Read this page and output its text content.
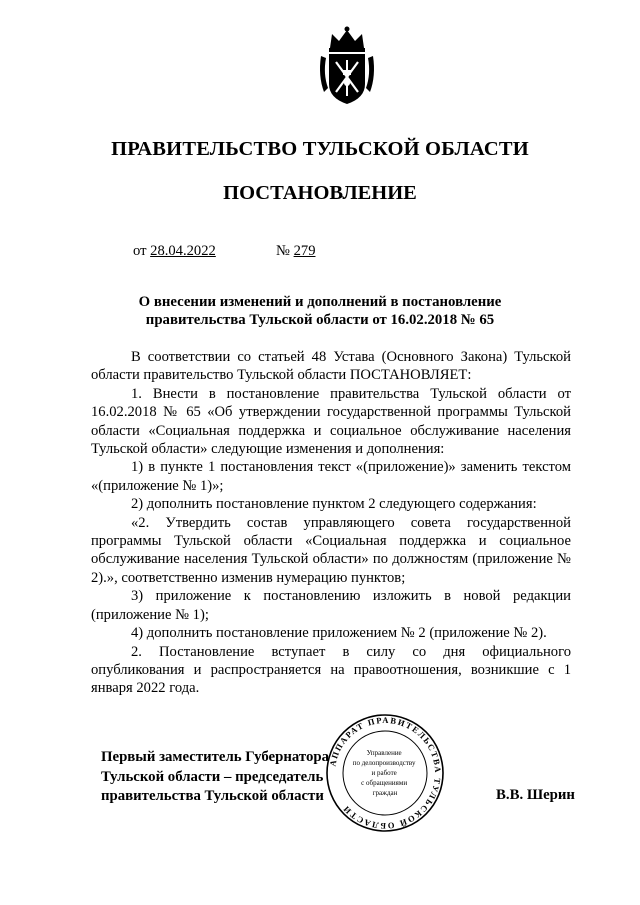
ПРАВИТЕЛЬСТВО ТУЛЬСКОЙ ОБЛАСТИ
ПОСТАНОВЛЕНИЕ
от 28.04.2022	№ 279
О внесении изменений и дополнений в постановление
правительства Тульской области от 16.02.2018 № 65

В соответствии со статьей 48 Устава (Основного Закона) Тульской области правительство Тульской области ПОСТАНОВЛЯЕТ:

1. Внести в постановление правительства Тульской области от 16.02.2018 № 65 «Об утверждении государственной программы Тульской области «Социальная поддержка и социальное обслуживание населения Тульской области» следующие изменения и дополнения:

1) в пункте 1 постановления текст «(приложение)» заменить текстом «(приложение № 1)»;

2) дополнить постановление пунктом 2 следующего содержания:

«2. Утвердить состав управляющего совета государственной программы Тульской области «Социальная поддержка и социальное обслуживание населения Тульской области» по должностям (приложение № 2).», соответственно изменив нумерацию пунктов;

3) приложение к постановлению изложить в новой редакции (приложение № 1);

4) дополнить постановление приложением № 2 (приложение № 2).

2. Постановление вступает в силу со дня официального опубликования и распространяется на правоотношения, возникшие с 1 января 2022 года.

Первый заместитель Губернатора
Тульской области – председатель
правительства Тульской области	В.В. Шерин
АППАРАТ ПРАВИТЕЛЬСТВА ТУЛЬСКОЙ ОБЛАСТИ
Управление по делопроизводству и работе с обращениями граждан
